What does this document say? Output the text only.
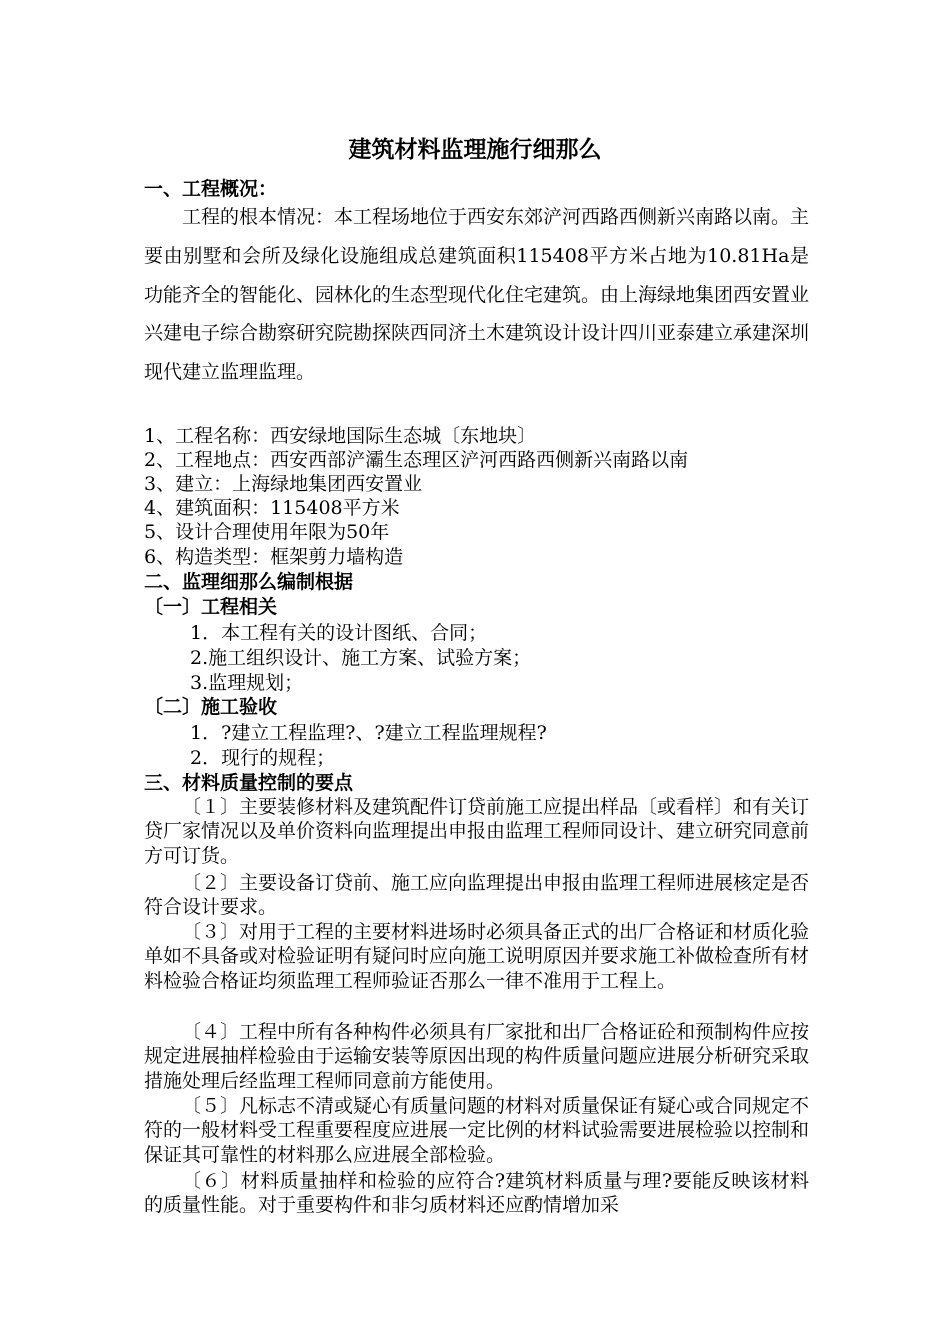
建筑材料监理施行细那么
一、工程概况：

工程的根本情况：本工程场地位于西安东郊浐河西路西侧新兴南路以南。主要由别墅和会所及绿化设施组成总建筑面积115408平方米占地为10.81Ha是功能齐全的智能化、园林化的生态型现代化住宅建筑。由上海绿地集团西安置业兴建电子综合勘察研究院勘探陕西同济土木建筑设计设计四川亚泰建立承建深圳现代建立监理监理。

1、工程名称：西安绿地国际生态城〔东地块〕
2、工程地点：西安西部浐灞生态理区浐河西路西侧新兴南路以南
3、建立：上海绿地集团西安置业
4、建筑面积：115408平方米
5、设计合理使用年限为50年
6、构造类型：框架剪力墙构造
二、监理细那么编制根据
〔一〕工程相关
1．本工程有关的设计图纸、合同；
2.施工组织设计、施工方案、试验方案；
3.监理规划；
〔二〕施工验收
1．?建立工程监理?、?建立工程监理规程?
2．现行的规程；
三、材料质量控制的要点

〔１〕主要装修材料及建筑配件订贷前施工应提出样品〔或看样〕和有关订贷厂家情况以及单价资料向监理提出申报由监理工程师同设计、建立研究同意前方可订货。

〔２〕主要设备订贷前、施工应向监理提出申报由监理工程师进展核定是否符合设计要求。

〔３〕对用于工程的主要材料进场时必须具备正式的出厂合格证和材质化验单如不具备或对检验证明有疑问时应向施工说明原因并要求施工补做检查所有材料检验合格证均须监理工程师验证否那么一律不准用于工程上。

〔４〕工程中所有各种构件必须具有厂家批和出厂合格证砼和预制构件应按规定进展抽样检验由于运输安装等原因出现的构件质量问题应进展分析研究采取措施处理后经监理工程师同意前方能使用。

〔５〕凡标志不清或疑心有质量问题的材料对质量保证有疑心或合同规定不符的一般材料受工程重要程度应进展一定比例的材料试验需要进展检验以控制和保证其可靠性的材料那么应进展全部检验。

〔６〕材料质量抽样和检验的应符合?建筑材料质量与理?要能反映该材料的质量性能。对于重要构件和非匀质材料还应酌情增加采
